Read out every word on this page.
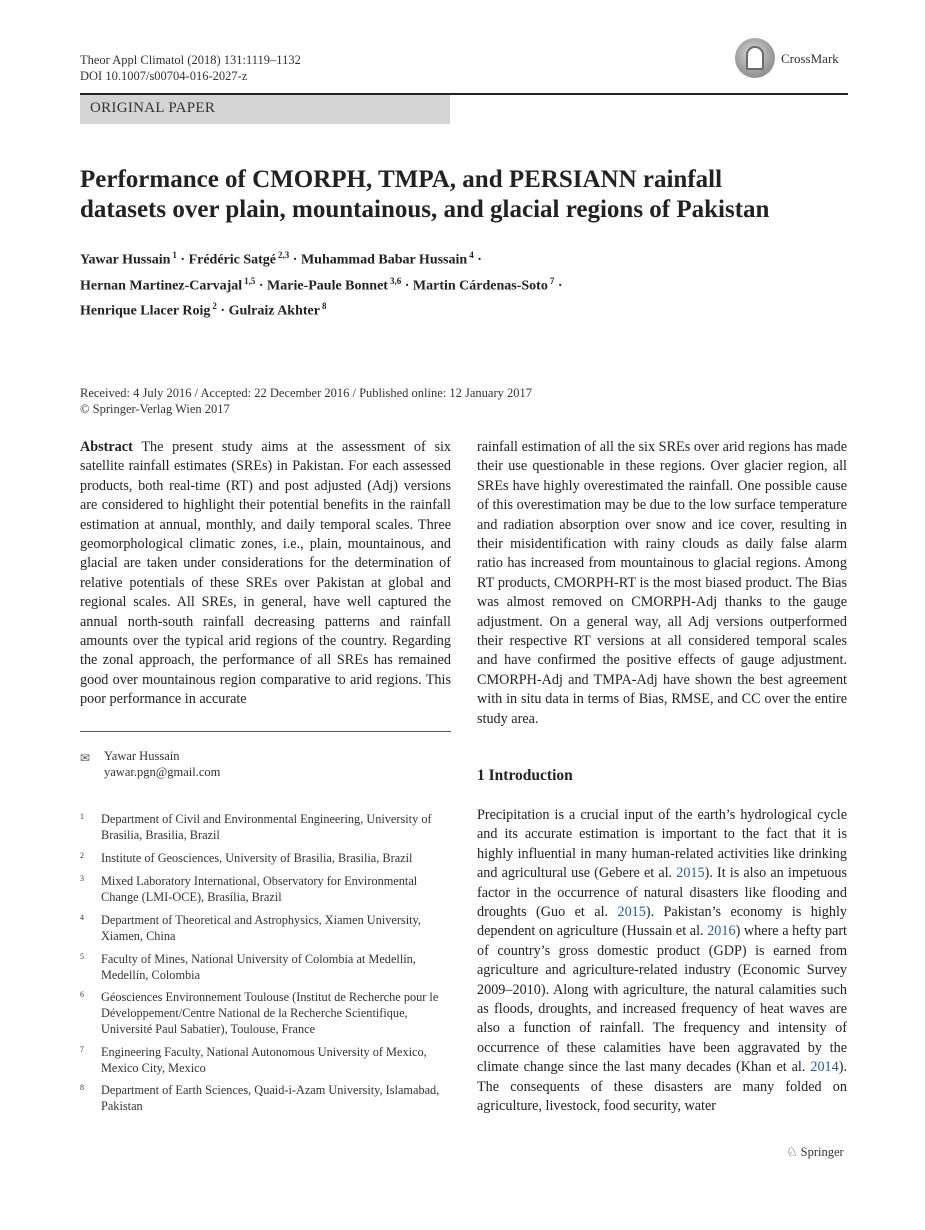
Theor Appl Climatol (2018) 131:1119–1132
DOI 10.1007/s00704-016-2027-z
CrossMark
ORIGINAL PAPER
Performance of CMORPH, TMPA, and PERSIANN rainfall
datasets over plain, mountainous, and glacial regions of Pakistan
Yawar Hussain $^1$ · Frédéric Satgé $^{2,3}$ · Muhammad Babar Hussain $^4$ ·
Hernan Martinez-Carvajal $^{1,5}$ · Marie-Paule Bonnet $^{3,6}$ · Martin Cárdenas-Soto $^7$ ·
Henrique Llacer Roig $^2$ · Gulraiz Akhter $^8$
Received: 4 July 2016 / Accepted: 22 December 2016 / Published online: 12 January 2017
© Springer-Verlag Wien 2017

Abstract The present study aims at the assessment of six satellite rainfall estimates (SREs) in Pakistan. For each assessed products, both real-time (RT) and post adjusted (Adj) versions are considered to highlight their potential benefits in the rainfall estimation at annual, monthly, and daily temporal scales. Three geomorphological climatic zones, i.e., plain, mountainous, and glacial are taken under considerations for the determination of relative potentials of these SREs over Pakistan at global and regional scales. All SREs, in general, have well captured the annual north-south rainfall decreasing patterns and rainfall amounts over the typical arid regions of the country. Regarding the zonal approach, the performance of all SREs has remained good over mountainous region comparative to arid regions. This poor performance in accurate

rainfall estimation of all the six SREs over arid regions has made their use questionable in these regions. Over glacier region, all SREs have highly overestimated the rainfall. One possible cause of this overestimation may be due to the low surface temperature and radiation absorption over snow and ice cover, resulting in their misidentification with rainy clouds as daily false alarm ratio has increased from mountainous to glacial regions. Among RT products, CMORPH-RT is the most biased product. The Bias was almost removed on CMORPH-Adj thanks to the gauge adjustment. On a general way, all Adj versions outperformed their respective RT versions at all considered temporal scales and have confirmed the positive effects of gauge adjustment. CMORPH-Adj and TMPA-Adj have shown the best agreement with in situ data in terms of Bias, RMSE, and CC over the entire study area.

✉ Yawar Hussain
yawar.pgn@gmail.com
1 Department of Civil and Environmental Engineering, University of Brasilia, Brasilia, Brazil
2 Institute of Geosciences, University of Brasilia, Brasilia, Brazil
3 Mixed Laboratory International, Observatory for Environmental Change (LMI-OCE), Brasília, Brazil
4 Department of Theoretical and Astrophysics, Xiamen University, Xiamen, China
5 Faculty of Mines, National University of Colombia at Medellín, Medellín, Colombia
6 Géosciences Environnement Toulouse (Institut de Recherche pour le Développement/Centre National de la Recherche Scientifique, Université Paul Sabatier), Toulouse, France
7 Engineering Faculty, National Autonomous University of Mexico, Mexico City, Mexico
8 Department of Earth Sciences, Quaid-i-Azam University, Islamabad, Pakistan
1 Introduction

Precipitation is a crucial input of the earth’s hydrological cycle and its accurate estimation is important to the fact that it is highly influential in many human-related activities like drinking and agricultural use (Gebere et al. 2015). It is also an impetuous factor in the occurrence of natural disasters like flooding and droughts (Guo et al. 2015). Pakistan’s economy is highly dependent on agriculture (Hussain et al. 2016) where a hefty part of country’s gross domestic product (GDP) is earned from agriculture and agriculture-related industry (Economic Survey 2009–2010). Along with agriculture, the natural calamities such as floods, droughts, and increased frequency of heat waves are also a function of rainfall. The frequency and intensity of occurrence of these calamities have been aggravated by the climate change since the last many decades (Khan et al. 2014). The consequents of these disasters are many folded on agriculture, livestock, food security, water

♘ Springer
